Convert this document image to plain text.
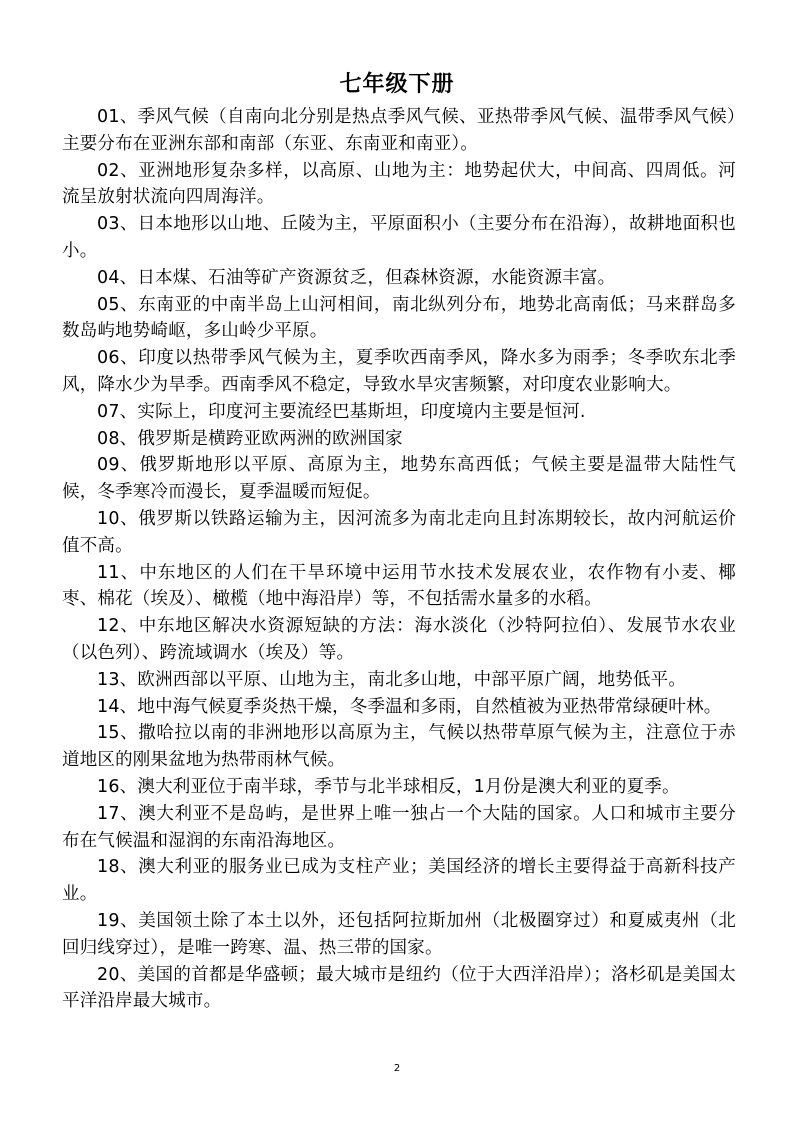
七年级下册

01、季风气候（自南向北分别是热点季风气候、亚热带季风气候、温带季风气候）主要分布在亚洲东部和南部（东亚、东南亚和南亚）。

02、亚洲地形复杂多样，以高原、山地为主：地势起伏大，中间高、四周低。河流呈放射状流向四周海洋。

03、日本地形以山地、丘陵为主，平原面积小（主要分布在沿海），故耕地面积也小。

04、日本煤、石油等矿产资源贫乏，但森林资源，水能资源丰富。

05、东南亚的中南半岛上山河相间，南北纵列分布，地势北高南低；马来群岛多数岛屿地势崎岖，多山岭少平原。

06、印度以热带季风气候为主，夏季吹西南季风，降水多为雨季；冬季吹东北季风，降水少为旱季。西南季风不稳定，导致水旱灾害频繁，对印度农业影响大。

07、实际上，印度河主要流经巴基斯坦，印度境内主要是恒河.

08、俄罗斯是横跨亚欧两洲的欧洲国家

09、俄罗斯地形以平原、高原为主，地势东高西低；气候主要是温带大陆性气候，冬季寒冷而漫长，夏季温暖而短促。

10、俄罗斯以铁路运输为主，因河流多为南北走向且封冻期较长，故内河航运价值不高。

11、中东地区的人们在干旱环境中运用节水技术发展农业，农作物有小麦、椰枣、棉花（埃及）、橄榄（地中海沿岸）等，不包括需水量多的水稻。

12、中东地区解决水资源短缺的方法：海水淡化（沙特阿拉伯）、发展节水农业（以色列）、跨流域调水（埃及）等。

13、欧洲西部以平原、山地为主，南北多山地，中部平原广阔，地势低平。

14、地中海气候夏季炎热干燥，冬季温和多雨，自然植被为亚热带常绿硬叶林。

15、撒哈拉以南的非洲地形以高原为主，气候以热带草原气候为主，注意位于赤道地区的刚果盆地为热带雨林气候。

16、澳大利亚位于南半球，季节与北半球相反，1月份是澳大利亚的夏季。

17、澳大利亚不是岛屿，是世界上唯一独占一个大陆的国家。人口和城市主要分布在气候温和湿润的东南沿海地区。

18、澳大利亚的服务业已成为支柱产业；美国经济的增长主要得益于高新科技产业。

19、美国领土除了本土以外，还包括阿拉斯加州（北极圈穿过）和夏威夷州（北回归线穿过），是唯一跨寒、温、热三带的国家。

20、美国的首都是华盛顿；最大城市是纽约（位于大西洋沿岸）；洛杉矶是美国太平洋沿岸最大城市。

2
